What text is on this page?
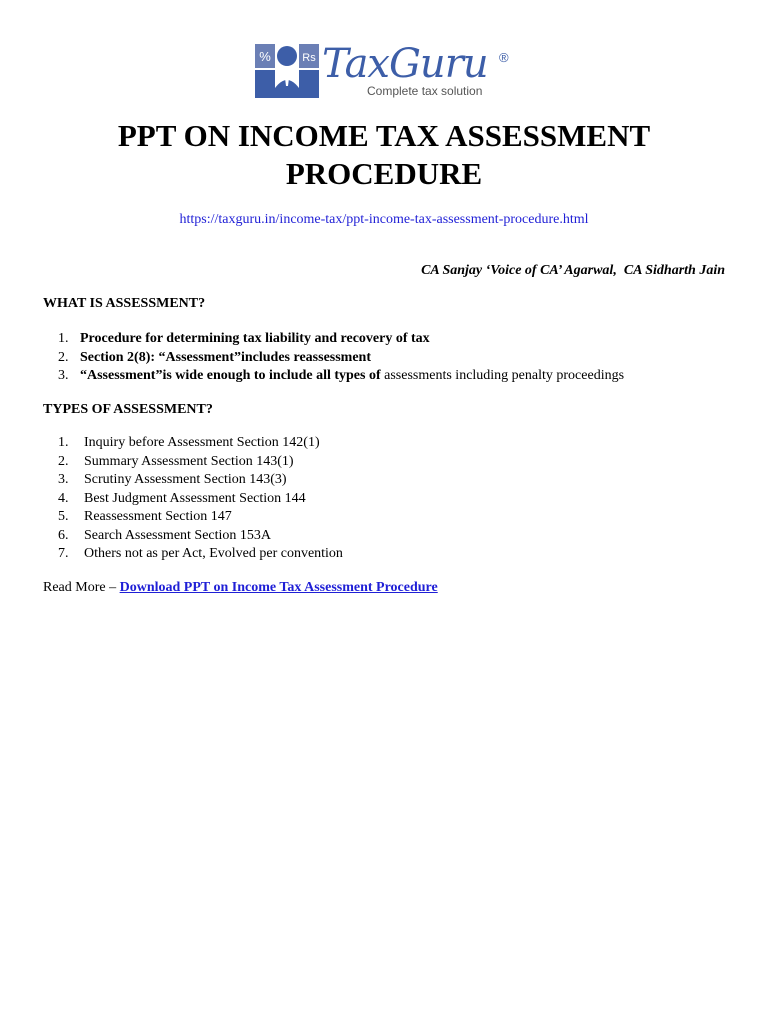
%	Rs TaxGuru ®
Complete tax solution
PPT ON INCOME TAX ASSESSMENT
PROCEDURE
https://taxguru.in/income-tax/ppt-income-tax-assessment-procedure.html
CA Sanjay ‘Voice of CA’ Agarwal,  CA Sidharth Jain
WHAT IS ASSESSMENT?
1. Procedure for determining tax liability and recovery of tax
2. Section 2(8): “Assessment”includes reassessment
3. “Assessment”is wide enough to include all types of assessments including penalty proceedings
TYPES OF ASSESSMENT?
1. Inquiry before Assessment Section 142(1)
2. Summary Assessment Section 143(1)
3. Scrutiny Assessment Section 143(3)
4. Best Judgment Assessment Section 144
5. Reassessment Section 147
6. Search Assessment Section 153A
7. Others not as per Act, Evolved per convention
Read More – Download PPT on Income Tax Assessment Procedure
